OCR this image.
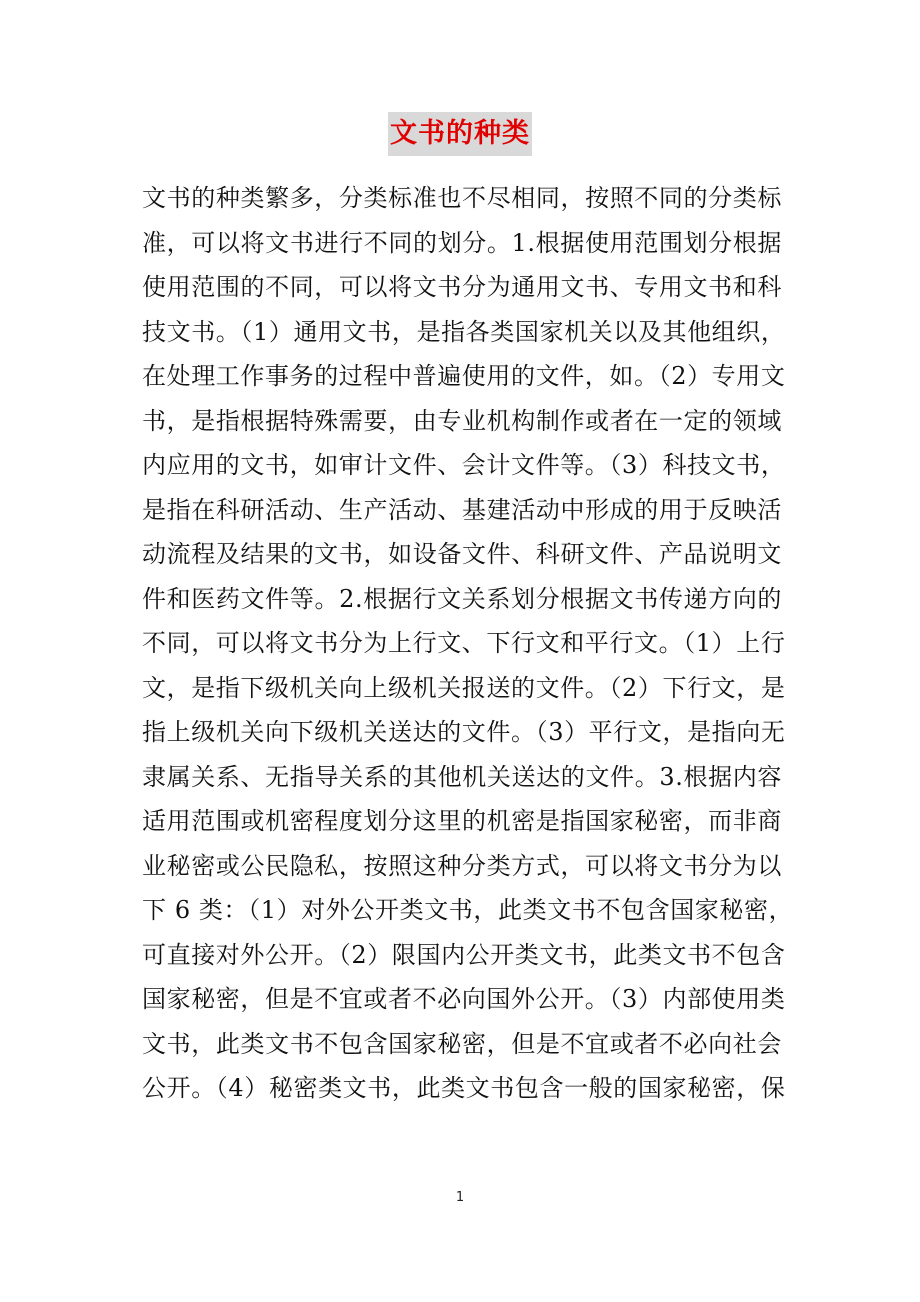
文书的种类
文书的种类繁多，分类标准也不尽相同，按照不同的分类标
准，可以将文书进行不同的划分。1.根据使用范围划分根据
使用范围的不同，可以将文书分为通用文书、专用文书和科
技文书。（1）通用文书，是指各类国家机关以及其他组织，
在处理工作事务的过程中普遍使用的文件，如。（2）专用文
书，是指根据特殊需要，由专业机构制作或者在一定的领域
内应用的文书，如审计文件、会计文件等。（3）科技文书，
是指在科研活动、生产活动、基建活动中形成的用于反映活
动流程及结果的文书，如设备文件、科研文件、产品说明文
件和医药文件等。2.根据行文关系划分根据文书传递方向的
不同，可以将文书分为上行文、下行文和平行文。（1）上行
文，是指下级机关向上级机关报送的文件。（2）下行文，是
指上级机关向下级机关送达的文件。（3）平行文，是指向无
隶属关系、无指导关系的其他机关送达的文件。3.根据内容
适用范围或机密程度划分这里的机密是指国家秘密，而非商
业秘密或公民隐私，按照这种分类方式，可以将文书分为以
下 6 类：（1）对外公开类文书，此类文书不包含国家秘密，
可直接对外公开。（2）限国内公开类文书，此类文书不包含
国家秘密，但是不宜或者不必向国外公开。（3）内部使用类
文书，此类文书不包含国家秘密，但是不宜或者不必向社会
公开。（4）秘密类文书，此类文书包含一般的国家秘密，保
1
